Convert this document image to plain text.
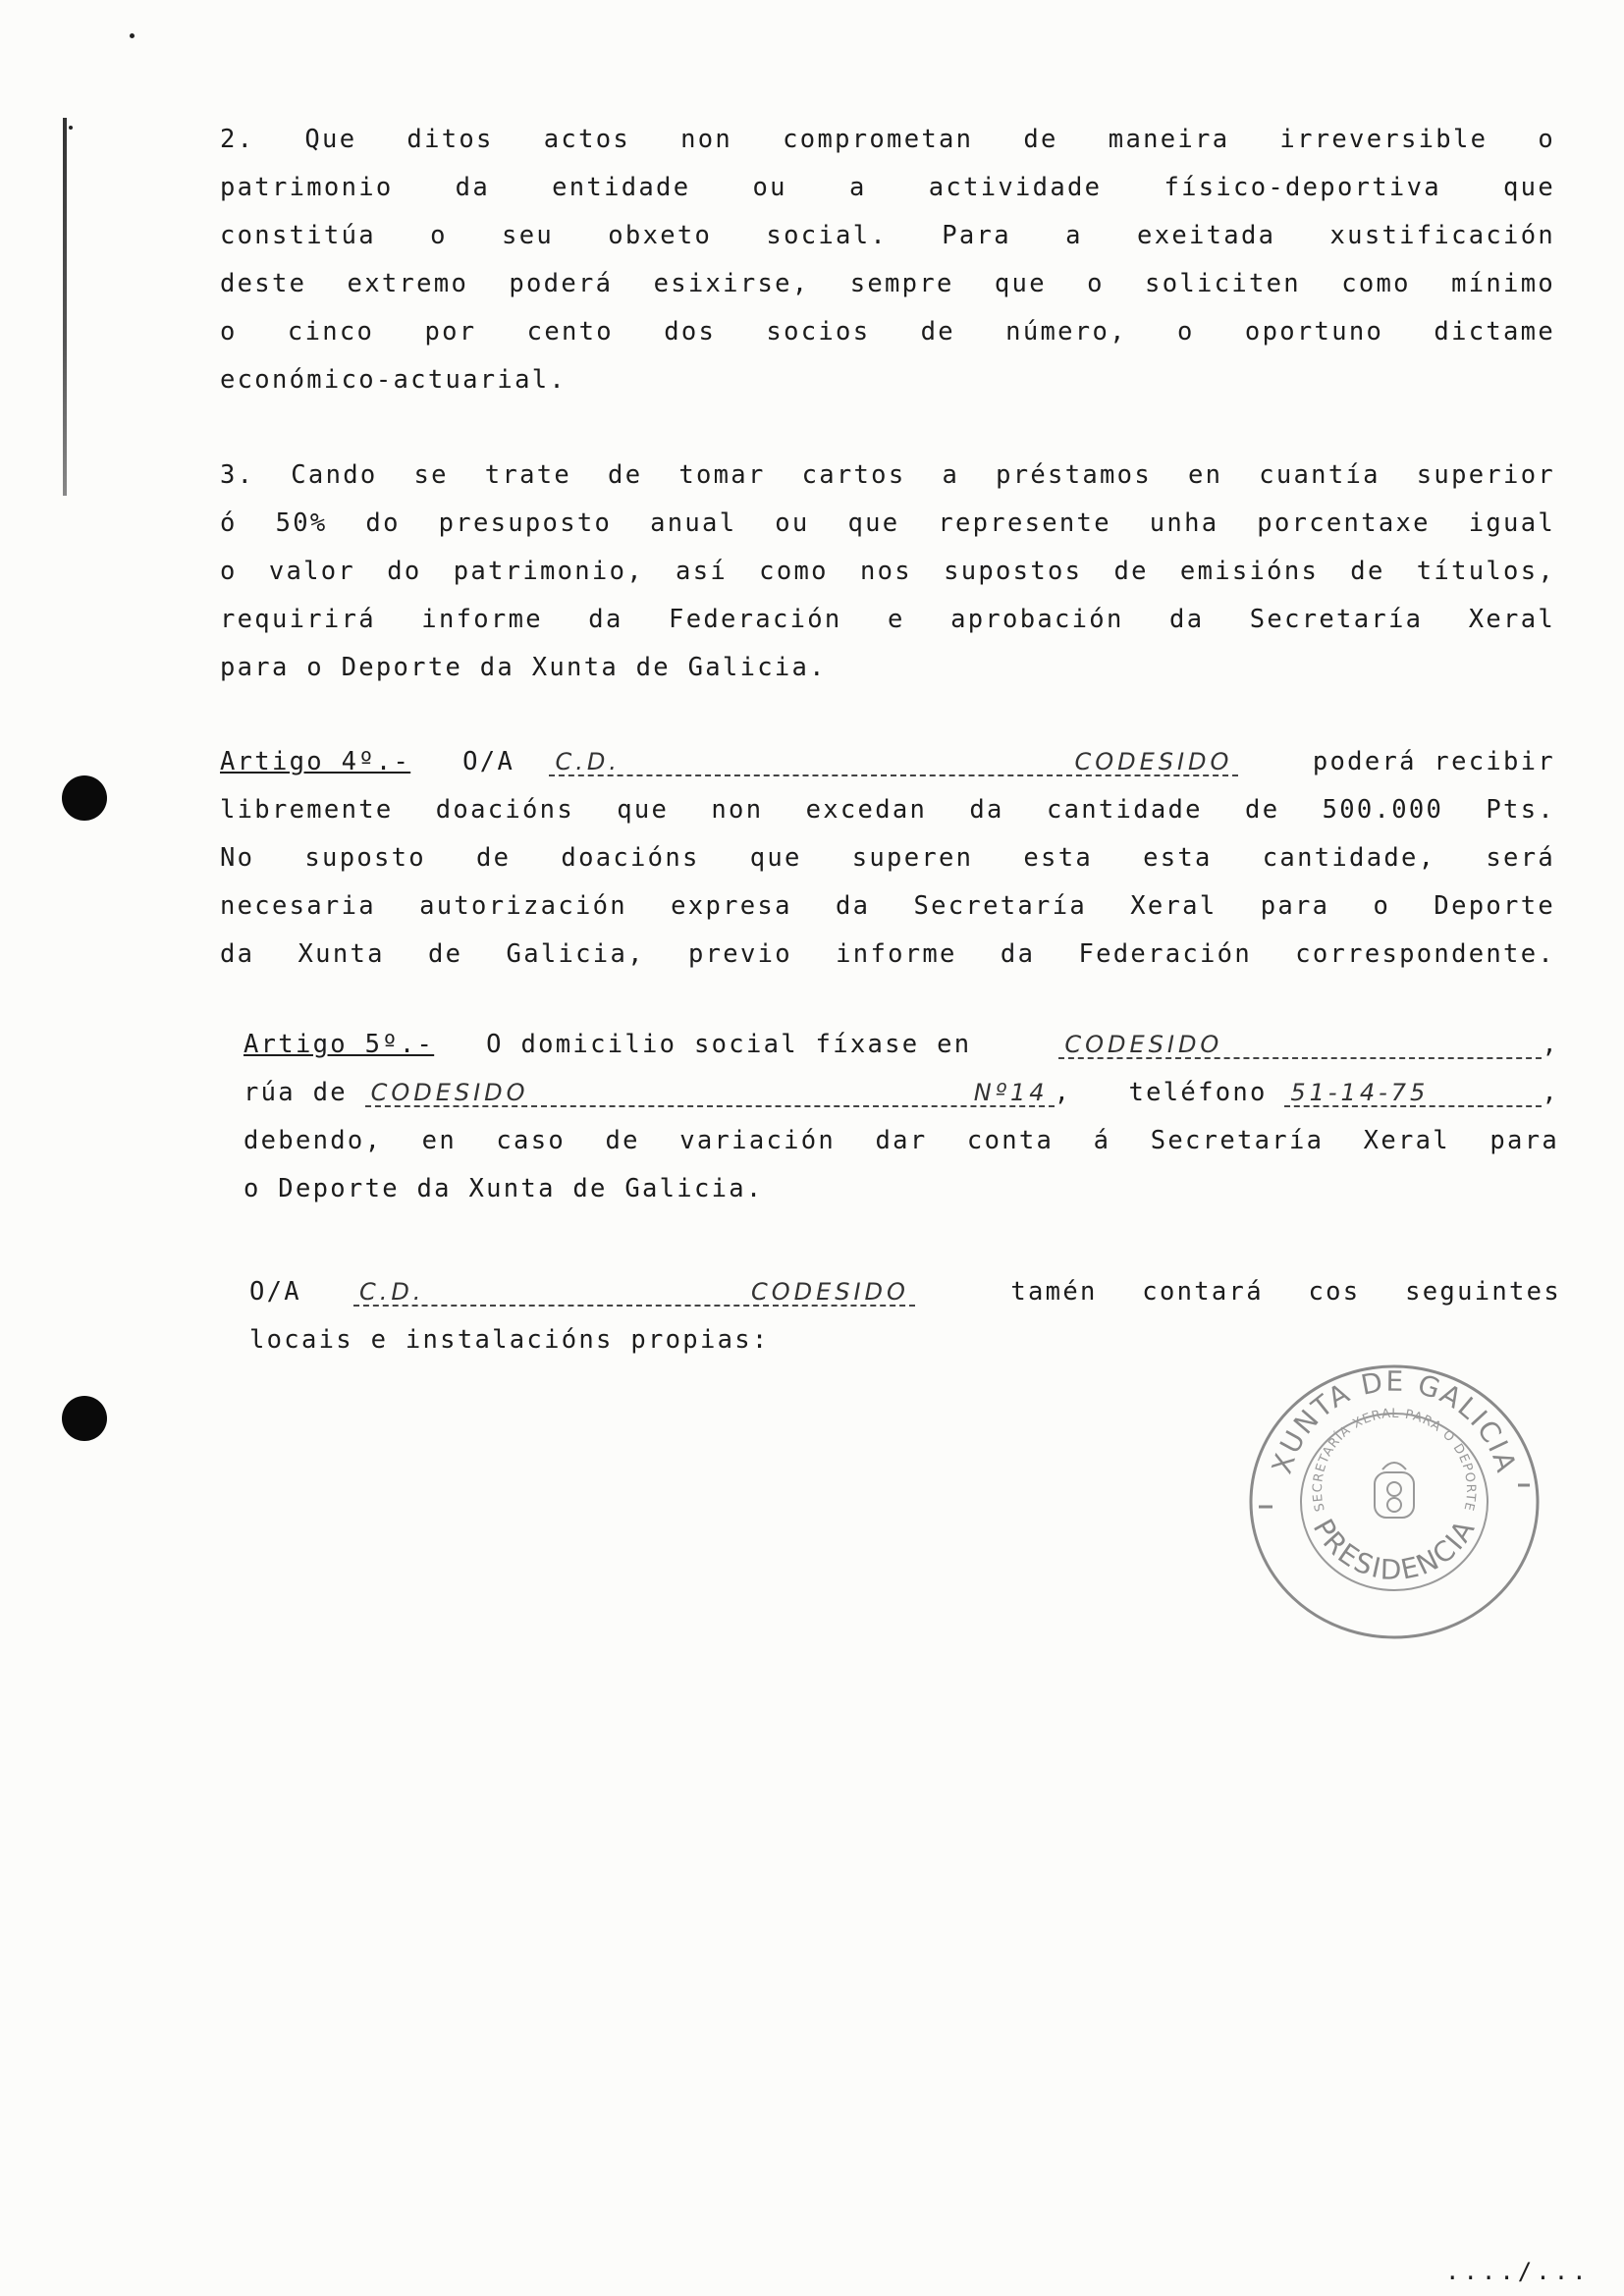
2. Que ditos actos non comprometan de maneira irreversible o
patrimonio da entidade ou a actividade físico-deportiva que
constitúa o seu obxeto social. Para a exeitada xustificación
deste extremo poderá esixirse, sempre que o soliciten como mínimo
o cinco por cento dos socios de número, o oportuno dictame
económico-actuarial.
3. Cando se trate de tomar cartos a préstamos en cuantía superior
ó 50% do presuposto anual ou que represente unha porcentaxe igual
o valor do patrimonio, así como nos supostos de emisións de títulos,
requirirá informe da Federación e aprobación da Secretaría Xeral
para o Deporte da Xunta de Galicia.
Artigo 4º.- O/A C.D. CODESIDO	poderá recibir
libremente doacións que non excedan da cantidade de 500.000 Pts.
No suposto de doacións que superen esta esta cantidade, será
necesaria autorización expresa da Secretaría Xeral para o Deporte
da Xunta de Galicia, previo informe da Federación correspondente.
Artigo 5º.- O domicilio social fíxase en	CODESIDO	,
rúa de CODESIDO Nº14 , teléfono 51-14-75	,
debendo, en caso de variación dar conta á Secretaría Xeral para
o Deporte da Xunta de Galicia.
O/A C.D. CODESIDO	tamén contará cos seguintes
locais e instalacións propias:
XUNTA DE GALICIA
SECRETARÍA XERAL PARA O DEPORTE
PRESIDENCIA
..../...
